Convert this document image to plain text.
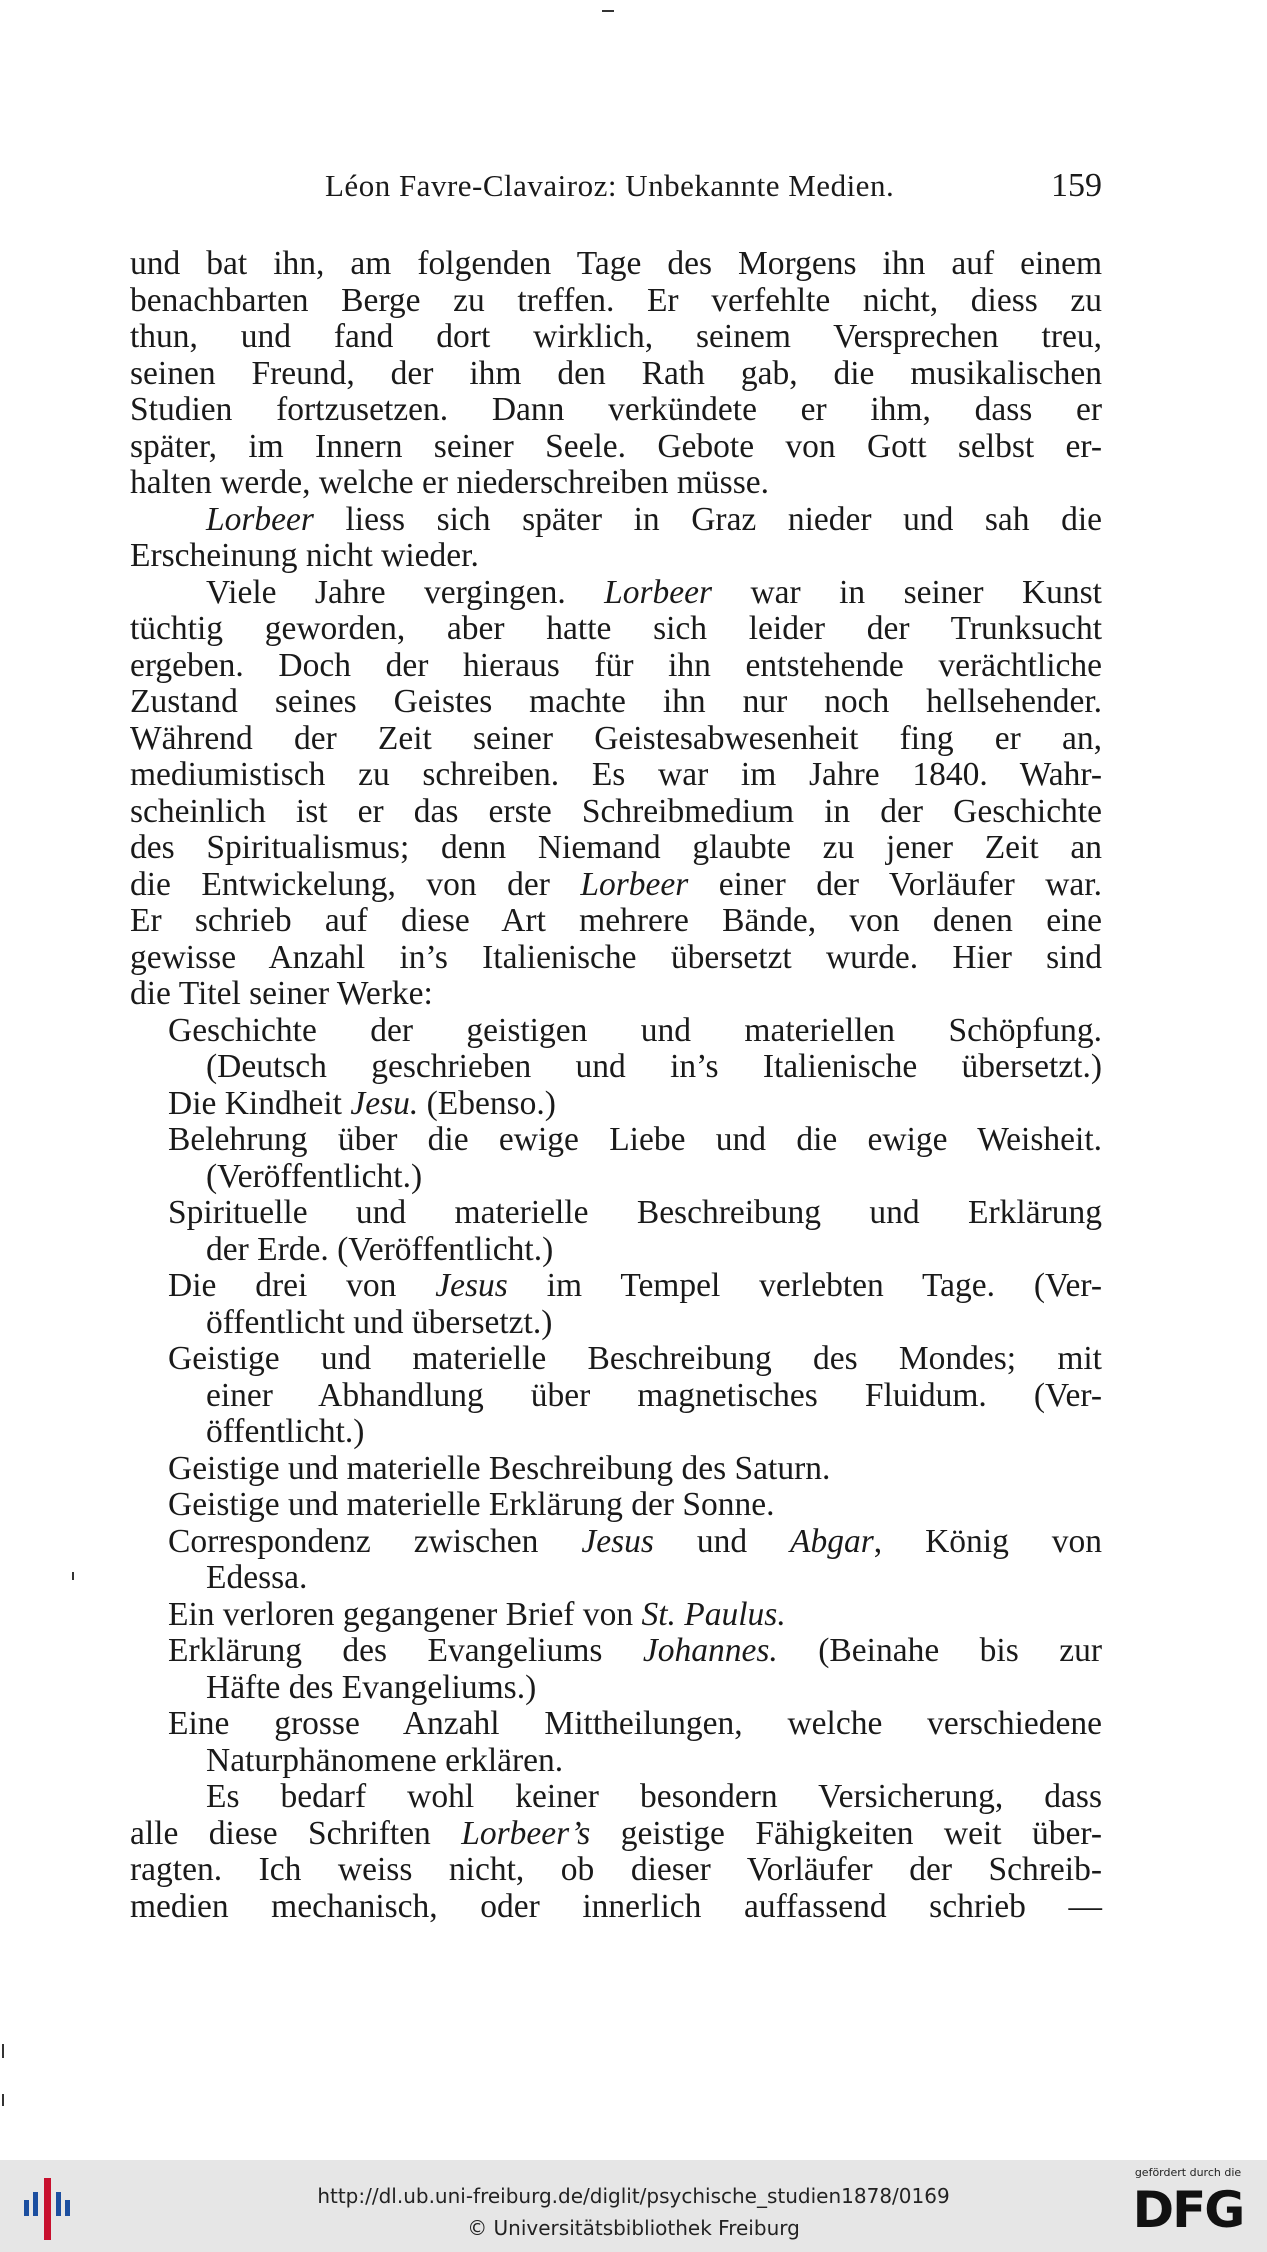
Léon Favre-Clavairoz: Unbekannte Medien.	159

und bat ihn, am folgenden Tage des Morgens ihn auf einem
benachbarten Berge zu treffen. Er verfehlte nicht, diess zu
thun, und fand dort wirklich, seinem Versprechen treu,
seinen Freund, der ihm den Rath gab, die musikalischen
Studien fortzusetzen. Dann verkündete er ihm, dass er
später, im Innern seiner Seele. Gebote von Gott selbst er-
halten werde, welche er niederschreiben müsse.

Lorbeer liess sich später in Graz nieder und sah die
Erscheinung nicht wieder.

Viele Jahre vergingen. Lorbeer war in seiner Kunst
tüchtig geworden, aber hatte sich leider der Trunksucht
ergeben. Doch der hieraus für ihn entstehende verächtliche
Zustand seines Geistes machte ihn nur noch hellsehender.
Während der Zeit seiner Geistesabwesenheit fing er an,
mediumistisch zu schreiben. Es war im Jahre 1840. Wahr-
scheinlich ist er das erste Schreibmedium in der Geschichte
des Spiritualismus; denn Niemand glaubte zu jener Zeit an
die Entwickelung, von der Lorbeer einer der Vorläufer war.
Er schrieb auf diese Art mehrere Bände, von denen eine
gewisse Anzahl in’s Italienische übersetzt wurde. Hier sind
die Titel seiner Werke:

Geschichte der geistigen und materiellen Schöpfung.
(Deutsch geschrieben und in’s Italienische übersetzt.)
Die Kindheit Jesu. (Ebenso.)
Belehrung über die ewige Liebe und die ewige Weisheit.
(Veröffentlicht.)
Spirituelle und materielle Beschreibung und Erklärung
der Erde. (Veröffentlicht.)
Die drei von Jesus im Tempel verlebten Tage. (Ver-
öffentlicht und übersetzt.)
Geistige und materielle Beschreibung des Mondes; mit
einer Abhandlung über magnetisches Fluidum. (Ver-
öffentlicht.)
Geistige und materielle Beschreibung des Saturn.
Geistige und materielle Erklärung der Sonne.
Correspondenz zwischen Jesus und Abgar, König von
Edessa.
Ein verloren gegangener Brief von St. Paulus.
Erklärung des Evangeliums Johannes. (Beinahe bis zur
Häfte des Evangeliums.)
Eine grosse Anzahl Mittheilungen, welche verschiedene
Naturphänomene erklären.

Es bedarf wohl keiner besondern Versicherung, dass
alle diese Schriften Lorbeer’s geistige Fähigkeiten weit über-
ragten. Ich weiss nicht, ob dieser Vorläufer der Schreib-
medien mechanisch, oder innerlich auffassend schrieb —

http://dl.ub.uni-freiburg.de/diglit/psychische_studien1878/0169
© Universitätsbibliothek Freiburg
gefördert durch die
DFG
